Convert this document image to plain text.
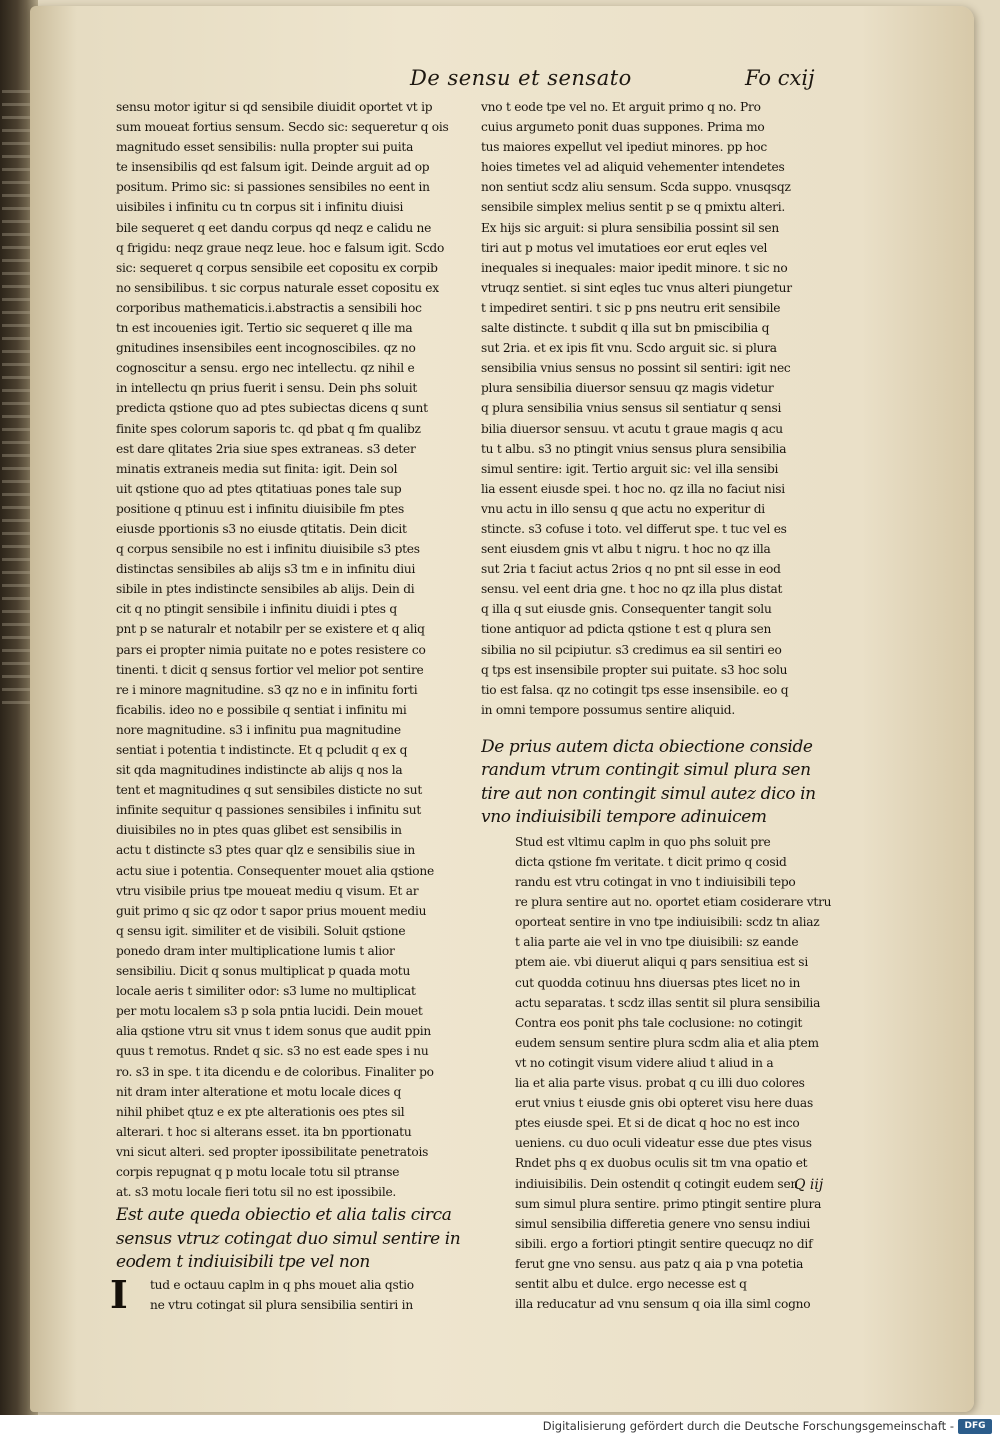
De sensu et sensato	Fo cxij
sensu motor igitur si qd sensibile diuidit oportet vt ip
sum moueat fortius sensum. Secdo sic: sequeretur q ois
magnitudo esset sensibilis: nulla propter sui puita
te insensibilis qd est falsum igit. Deinde arguit ad op
positum. Primo sic: si passiones sensibiles no eent in
uisibiles i infinitu cu tn corpus sit i infinitu diuisi
bile sequeret q eet dandu corpus qd neqz e calidu ne
q frigidu: neqz graue neqz leue. hoc e falsum igit. Scdo
sic: sequeret q corpus sensibile eet copositu ex corpib
no sensibilibus. t sic corpus naturale esset copositu ex
corporibus mathematicis.i.abstractis a sensibili hoc
tn est incouenies igit. Tertio sic sequeret q ille ma
gnitudines insensibiles eent incognoscibiles. qz no
cognoscitur a sensu. ergo nec intellectu. qz nihil e
in intellectu qn prius fuerit i sensu. Dein phs soluit
predicta qstione quo ad ptes subiectas dicens q sunt
finite spes colorum saporis tc. qd pbat q fm qualibz
est dare qlitates 2ria siue spes extraneas. s3 deter
minatis extraneis media sut finita: igit. Dein sol
uit qstione quo ad ptes qtitatiuas pones tale sup
positione q ptinuu est i infinitu diuisibile fm ptes
eiusde pportionis s3 no eiusde qtitatis. Dein dicit
q corpus sensibile no est i infinitu diuisibile s3 ptes
distinctas sensibiles ab alijs s3 tm e in infinitu diui
sibile in ptes indistincte sensibiles ab alijs. Dein di
cit q no ptingit sensibile i infinitu diuidi i ptes q
pnt p se naturalr et notabilr per se existere et q aliq
pars ei propter nimia puitate no e potes resistere co
tinenti. t dicit q sensus fortior vel melior pot sentire
re i minore magnitudine. s3 qz no e in infinitu forti
ficabilis. ideo no e possibile q sentiat i infinitu mi
nore magnitudine. s3 i infinitu pua magnitudine
sentiat i potentia t indistincte. Et q pcludit q ex q
sit qda magnitudines indistincte ab alijs q nos la
tent et magnitudines q sut sensibiles disticte no sut
infinite sequitur q passiones sensibiles i infinitu sut
diuisibiles no in ptes quas glibet est sensibilis in
actu t distincte s3 ptes quar qlz e sensibilis siue in
actu siue i potentia. Consequenter mouet alia qstione
vtru visibile prius tpe moueat mediu q visum. Et ar
guit primo q sic qz odor t sapor prius mouent mediu
q sensu igit. similiter et de visibili. Soluit qstione
ponedo dram inter multiplicatione lumis t alior
sensibiliu. Dicit q sonus multiplicat p quada motu
locale aeris t similiter odor: s3 lume no multiplicat
per motu localem s3 p sola pntia lucidi. Dein mouet
alia qstione vtru sit vnus t idem sonus que audit ppin
quus t remotus. Rndet q sic. s3 no est eade spes i nu
ro. s3 in spe. t ita dicendu e de coloribus. Finaliter po
nit dram inter alteratione et motu locale dices q
nihil phibet qtuz e ex pte alterationis oes ptes sil
alterari. t hoc si alterans esset. ita bn pportionatu
vni sicut alteri. sed propter ipossibilitate penetratois
corpis repugnat q p motu locale totu sil ptranse
at. s3 motu locale fieri totu sil no est ipossibile.
Est aute queda obiectio et alia talis circa
sensus vtruz cotingat duo simul sentire in
eodem t indiuisibili tpe vel non
I tud e octauu caplm in q phs mouet alia qstio
ne vtru cotingat sil plura sensibilia sentiri in
vno t eode tpe vel no. Et arguit primo q no. Pro
cuius argumeto ponit duas suppones. Prima mo
tus maiores expellut vel ipediut minores. pp hoc
hoies timetes vel ad aliquid vehementer intendetes
non sentiut scdz aliu sensum. Scda suppo. vnusqsqz
sensibile simplex melius sentit p se q pmixtu alteri.
Ex hijs sic arguit: si plura sensibilia possint sil sen
tiri aut p motus vel imutatioes eor erut eqles vel
inequales si inequales: maior ipedit minore. t sic no
vtruqz sentiet. si sint eqles tuc vnus alteri piungetur
t impediret sentiri. t sic p pns neutru erit sensibile
salte distincte. t subdit q illa sut bn pmiscibilia q
sut 2ria. et ex ipis fit vnu. Scdo arguit sic. si plura
sensibilia vnius sensus no possint sil sentiri: igit nec
plura sensibilia diuersor sensuu qz magis videtur
q plura sensibilia vnius sensus sil sentiatur q sensi
bilia diuersor sensuu. vt acutu t graue magis q acu
tu t albu. s3 no ptingit vnius sensus plura sensibilia
simul sentire: igit. Tertio arguit sic: vel illa sensibi
lia essent eiusde spei. t hoc no. qz illa no faciut nisi
vnu actu in illo sensu q que actu no experitur di
stincte. s3 cofuse i toto. vel differut spe. t tuc vel es
sent eiusdem gnis vt albu t nigru. t hoc no qz illa
sut 2ria t faciut actus 2rios q no pnt sil esse in eod
sensu. vel eent dria gne. t hoc no qz illa plus distat
q illa q sut eiusde gnis. Consequenter tangit solu
tione antiquor ad pdicta qstione t est q plura sen
sibilia no sil pcipiutur. s3 credimus ea sil sentiri eo
q tps est insensibile propter sui puitate. s3 hoc solu
tio est falsa. qz no cotingit tps esse insensibile. eo q
in omni tempore possumus sentire aliquid.
De prius autem dicta obiectione conside
randum vtrum contingit simul plura sen
tire aut non contingit simul autez dico in
vno indiuisibili tempore adinuicem
Stud est vltimu caplm in quo phs soluit pre
dicta qstione fm veritate. t dicit primo q cosid
randu est vtru cotingat in vno t indiuisibili tepo
re plura sentire aut no. oportet etiam cosiderare vtru
oporteat sentire in vno tpe indiuisibili: scdz tn aliaz
t alia parte aie vel in vno tpe diuisibili: sz eande
ptem aie. vbi diuerut aliqui q pars sensitiua est si
cut quodda cotinuu hns diuersas ptes licet no in
actu separatas. t scdz illas sentit sil plura sensibilia
Contra eos ponit phs tale coclusione: no cotingit
eudem sensum sentire plura scdm alia et alia ptem
vt no cotingit visum videre aliud t aliud in a
lia et alia parte visus. probat q cu illi duo colores
erut vnius t eiusde gnis obi opteret visu here duas
ptes eiusde spei. Et si de dicat q hoc no est inco
ueniens. cu duo oculi videatur esse due ptes visus
Rndet phs q ex duobus oculis sit tm vna opatio et
indiuisibilis. Dein ostendit q cotingit eudem sen
sum simul plura sentire. primo ptingit sentire plura
simul sensibilia differetia genere vno sensu indiui
sibili. ergo a fortiori ptingit sentire quecuqz no dif
ferut gne vno sensu. aus patz q aia p vna potetia
sentit albu et dulce. ergo necesse est q
illa reducatur ad vnu sensum q oia illa siml cogno
Q iij
Digitalisierung gefördert durch die Deutsche Forschungsgemeinschaft -	DFG
